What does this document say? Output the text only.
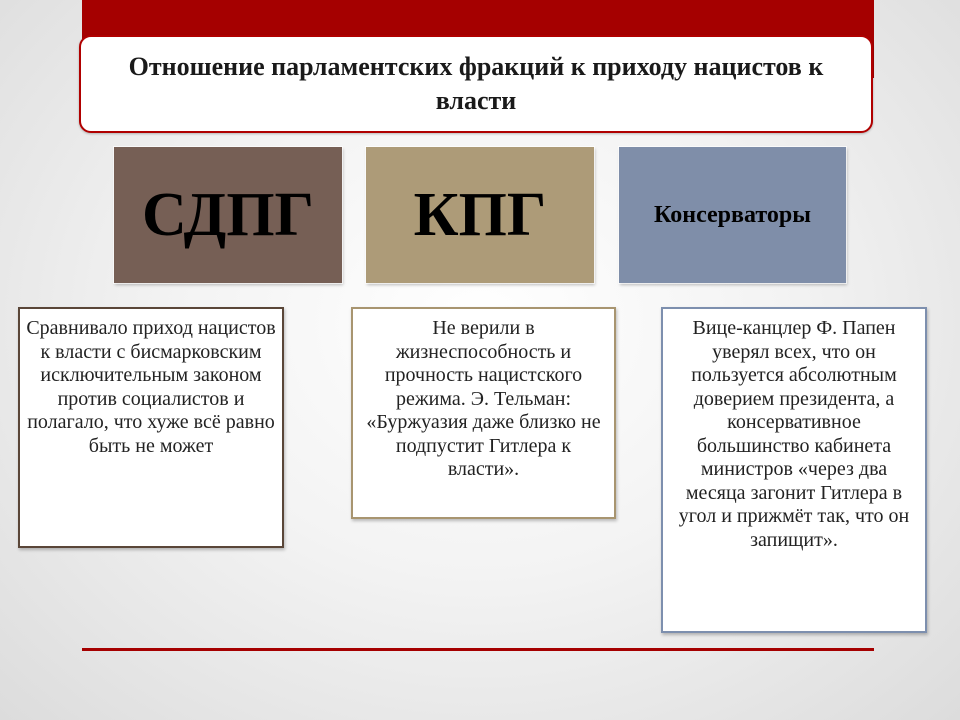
Отношение парламентских фракций к приходу нацистов к власти
СДПГ	КПГ	Консерваторы
Сравнивало приход нацистов к власти с бисмарковским исключительным законом против социалистов и полагало, что хуже всё равно быть не может
Не верили в жизнеспособность и прочность нацистского режима. Э. Тельман: «Буржуазия даже близко не подпустит Гитлера к власти».
Вице-канцлер Ф. Папен уверял всех, что он пользуется абсолютным доверием президента, а консервативное большинство кабинета министров «через два месяца загонит Гитлера в угол и прижмёт так, что он запищит».
